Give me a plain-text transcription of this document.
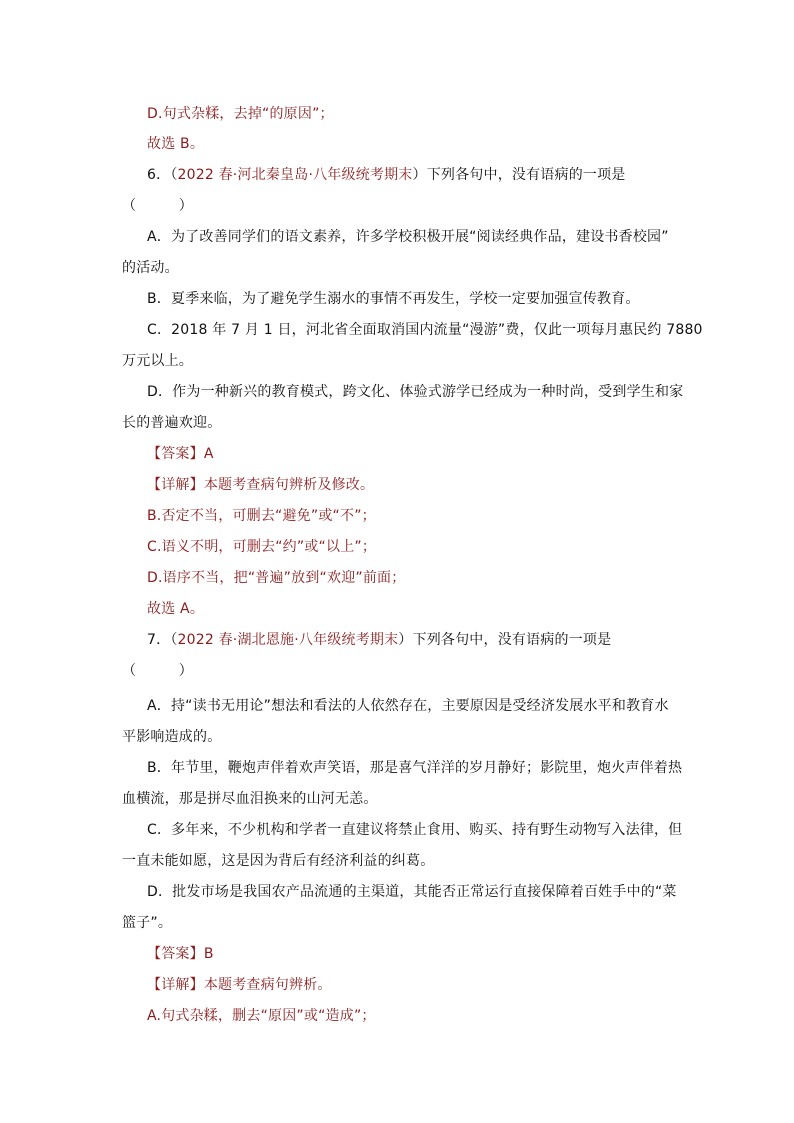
D.句式杂糅，去掉“的原因”；
故选 B。
6．（2022 春·河北秦皇岛·八年级统考期末）下列各句中，没有语病的一项是
（　　　）
A．为了改善同学们的语文素养，许多学校积极开展“阅读经典作品，建设书香校园”
的活动。
B．夏季来临，为了避免学生溺水的事情不再发生，学校一定要加强宣传教育。
C．2018 年 7 月 1 日，河北省全面取消国内流量“漫游”费，仅此一项每月惠民约 7880
万元以上。
D．作为一种新兴的教育模式，跨文化、体验式游学已经成为一种时尚，受到学生和家
长的普遍欢迎。
【答案】A
【详解】本题考查病句辨析及修改。
B.否定不当，可删去“避免”或“不”；
C.语义不明，可删去“约”或“以上”；
D.语序不当，把“普遍”放到“欢迎”前面；
故选 A。
7．（2022 春·湖北恩施·八年级统考期末）下列各句中，没有语病的一项是
（　　　）
A．持“读书无用论”想法和看法的人依然存在，主要原因是受经济发展水平和教育水
平影响造成的。
B．年节里，鞭炮声伴着欢声笑语，那是喜气洋洋的岁月静好；影院里，炮火声伴着热
血横流，那是拼尽血泪换来的山河无恙。
C．多年来，不少机构和学者一直建议将禁止食用、购买、持有野生动物写入法律，但
一直未能如愿，这是因为背后有经济利益的纠葛。
D．批发市场是我国农产品流通的主渠道，其能否正常运行直接保障着百姓手中的“菜
篮子”。
【答案】B
【详解】本题考查病句辨析。
A.句式杂糅，删去“原因”或“造成”；
